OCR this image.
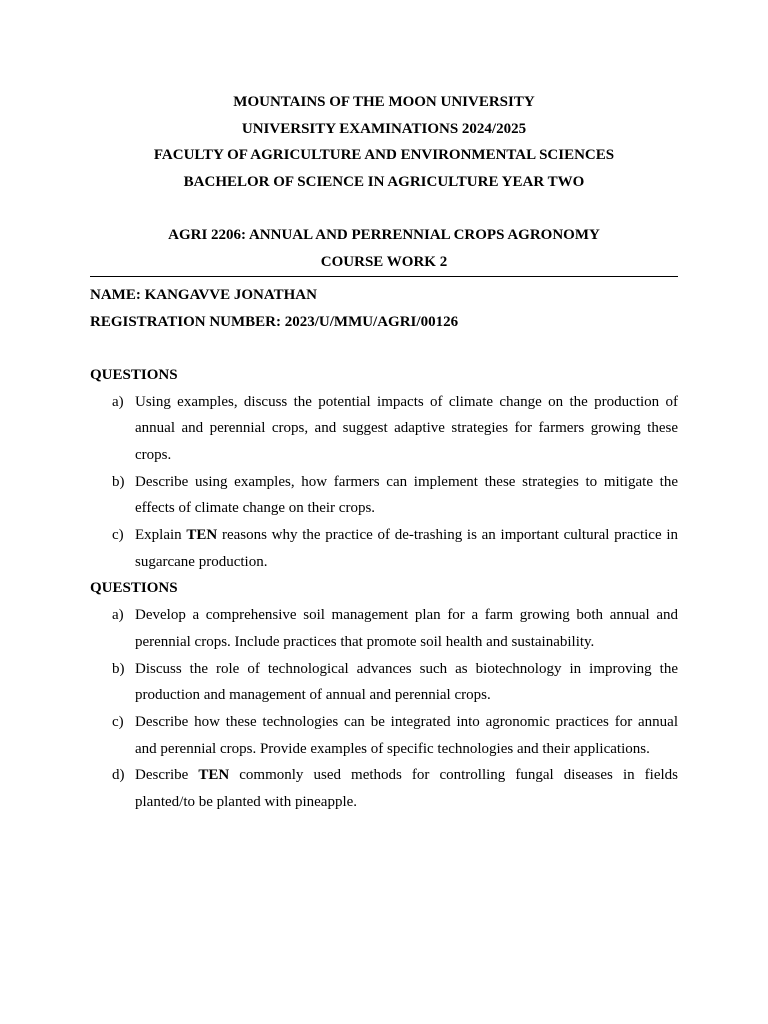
MOUNTAINS OF THE MOON UNIVERSITY
UNIVERSITY EXAMINATIONS 2024/2025
FACULTY OF AGRICULTURE AND ENVIRONMENTAL SCIENCES
BACHELOR OF SCIENCE IN AGRICULTURE YEAR TWO
AGRI 2206: ANNUAL AND PERRENNIAL CROPS AGRONOMY
COURSE WORK 2
NAME: KANGAVVE JONATHAN
REGISTRATION NUMBER: 2023/U/MMU/AGRI/00126
QUESTIONS
a) Using examples, discuss the potential impacts of climate change on the production of annual and perennial crops, and suggest adaptive strategies for farmers growing these crops.
b) Describe using examples, how farmers can implement these strategies to mitigate the effects of climate change on their crops.
c) Explain TEN reasons why the practice of de-trashing is an important cultural practice in sugarcane production.
QUESTIONS
a) Develop a comprehensive soil management plan for a farm growing both annual and perennial crops. Include practices that promote soil health and sustainability.
b) Discuss the role of technological advances such as biotechnology in improving the production and management of annual and perennial crops.
c) Describe how these technologies can be integrated into agronomic practices for annual and perennial crops. Provide examples of specific technologies and their applications.
d) Describe TEN commonly used methods for controlling fungal diseases in fields planted/to be planted with pineapple.
